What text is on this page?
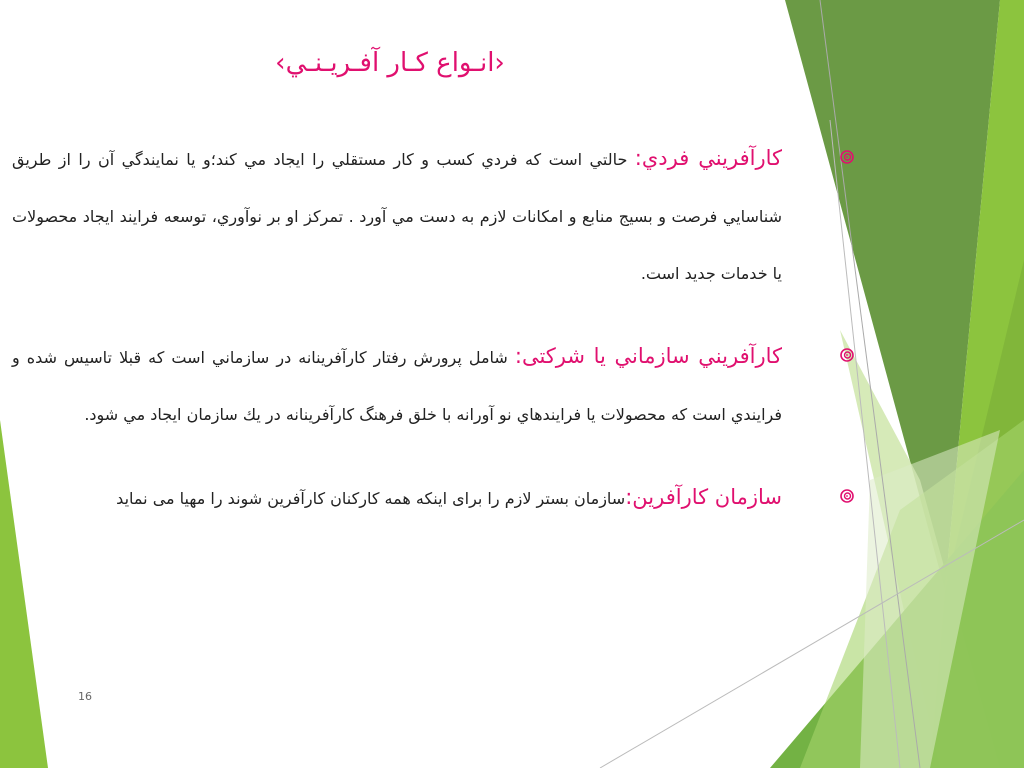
‹انـواع کـار آفـریـنـي›

كارآفريني فردي: حالتي است كه فردي كسب و كار مستقلي را ايجاد مي كند؛و يا نمايندگي آن را از طريق شناسايي فرصت و بسيج منابع و امكانات لازم به دست مي آورد . تمركز او بر نوآوري، توسعه فرايند ايجاد محصولات يا خدمات جديد است.

كارآفريني سازماني يا شرکتی: شامل پرورش رفتار كارآفرينانه در سازماني است كه قبلا تاسيس شده و فرايندي است كه محصولات يا فرايندهاي نو آورانه با خلق فرهنگ كارآفرينانه در يك سازمان ايجاد مي شود.

سازمان کارآفرین:سازمان بستر لازم را برای اینکه همه کارکنان کارآفرین شوند را مهیا می نماید

16
